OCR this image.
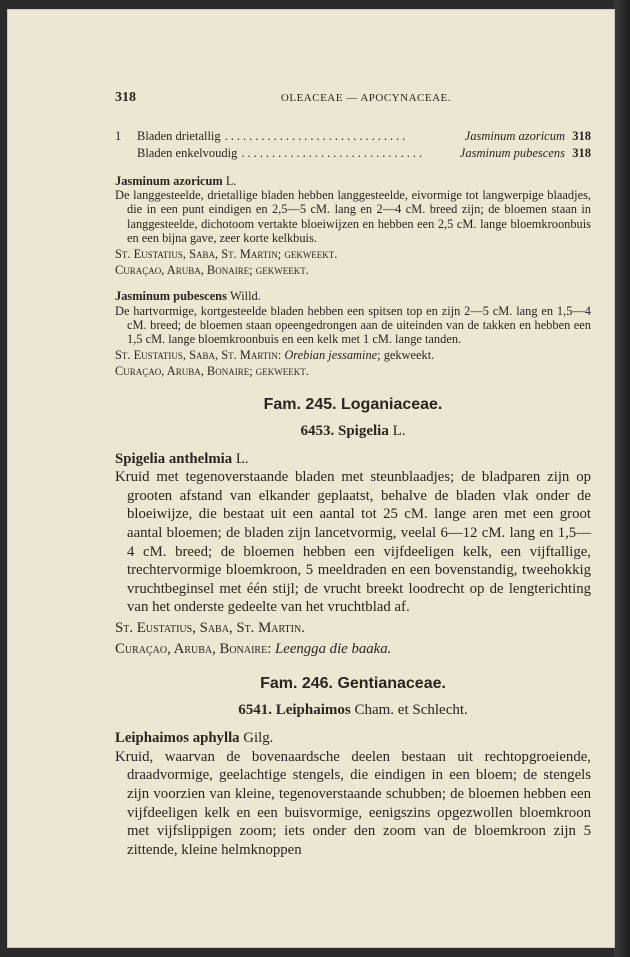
318	OLEACEAE — APOCYNACEAE.
1	Bladen drietallig ..............................	Jasminum azoricum 318
Bladen enkelvoudig ..............................	Jasminum pubescens 318
Jasminum azoricum L.
De langgesteelde, drietallige bladen hebben langgesteelde, eivormige tot langwerpige blaadjes, die in een punt eindigen en 2,5—5 cM. lang en 2—4 cM. breed zijn; de bloemen staan in langgesteelde, dichotoom vertakte bloeiwijzen en hebben een 2,5 cM. lange bloemkroonbuis en een bijna gave, zeer korte kelkbuis.
St. Eustatius, Saba, St. Martin; gekweekt.
Curaçao, Aruba, Bonaire; gekweekt.
Jasminum pubescens Willd.
De hartvormige, kortgesteelde bladen hebben een spitsen top en zijn 2—5 cM. lang en 1,5—4 cM. breed; de bloemen staan opeengedrongen aan de uiteinden van de takken en hebben een 1,5 cM. lange bloemkroonbuis en een kelk met 1 cM. lange tanden.
St. Eustatius, Saba, St. Martin: Orebian jessamine; gekweekt.
Curaçao, Aruba, Bonaire; gekweekt.
Fam. 245. Loganiaceae.
6453. Spigelia L.
Spigelia anthelmia L.
Kruid met tegenoverstaande bladen met steunblaadjes; de bladparen zijn op grooten afstand van elkander geplaatst, behalve de bladen vlak onder de bloeiwijze, die bestaat uit een aantal tot 25 cM. lange aren met een groot aantal bloemen; de bladen zijn lancetvormig, veelal 6—12 cM. lang en 1,5—4 cM. breed; de bloemen hebben een vijfdeeligen kelk, een vijftallige, trechtervormige bloemkroon, 5 meeldraden en een bovenstandig, tweehokkig vruchtbeginsel met één stijl; de vrucht breekt loodrecht op de lengterichting van het onderste gedeelte van het vruchtblad af.
St. Eustatius, Saba, St. Martin.
Curaçao, Aruba, Bonaire: Leengga die baaka.
Fam. 246. Gentianaceae.
6541. Leiphaimos Cham. et Schlecht.
Leiphaimos aphylla Gilg.
Kruid, waarvan de bovenaardsche deelen bestaan uit rechtopgroeiende, draadvormige, geelachtige stengels, die eindigen in een bloem; de stengels zijn voorzien van kleine, tegenoverstaande schubben; de bloemen hebben een vijfdeeligen kelk en een buisvormige, eenigszins opgezwollen bloemkroon met vijfslippigen zoom; iets onder den zoom van de bloemkroon zijn 5 zittende, kleine helmknoppen
